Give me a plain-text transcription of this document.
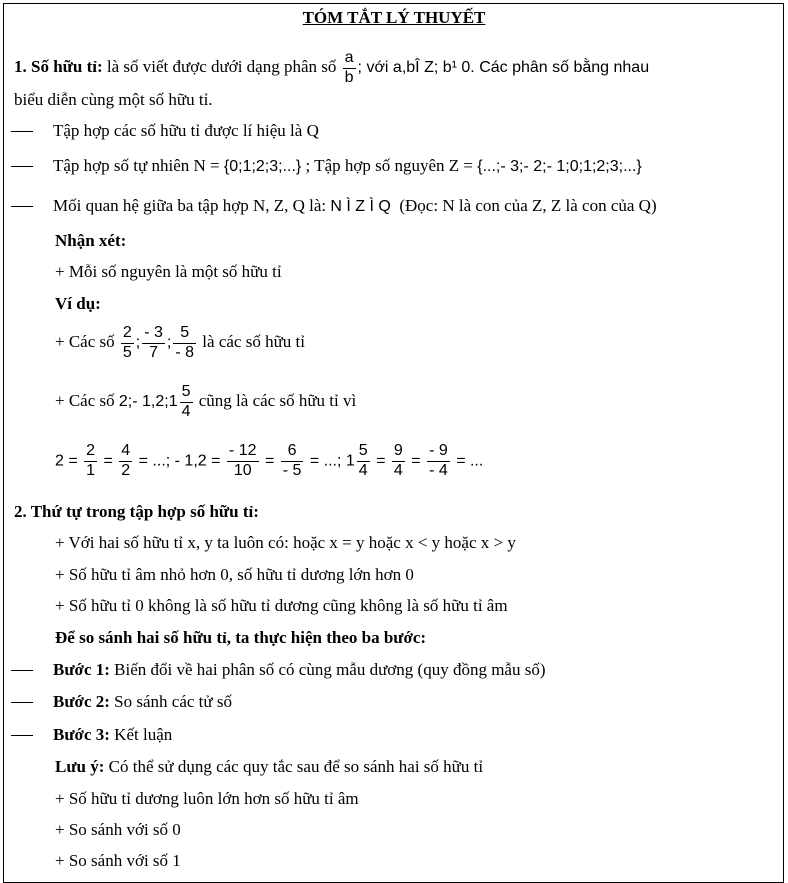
TÓM TẮT LÝ THUYẾT
1. Số hữu tỉ: là số viết được dưới dạng phân số $\frac{a}{b}$ ; với a,bÎ Z; b¹ 0. Các phân số bằng nhau
biểu diễn cùng một số hữu tỉ.
Tập hợp các số hữu tỉ được lí hiệu là Q
Tập hợp số tự nhiên N = {0;1;2;3;...} ; Tập hợp số nguyên Z = {...;- 3;- 2;- 1;0;1;2;3;...}
Mối quan hệ giữa ba tập hợp N, Z, Q là: N Ì Z Ì Q (Đọc: N là con của Z, Z là con của Q)
Nhận xét:
+ Mỗi số nguyên là một số hữu tỉ
Ví dụ:
+ Các số $\frac{2}{5}$ ; $\frac{- 3}{7}$ ; $\frac{5}{- 8}$ là các số hữu tỉ
+ Các số 2;- 1,2;1 $\frac{5}{4}$ cũng là các số hữu tỉ vì
$2 = \frac{2}{1} = \frac{4}{2}$ = ...; - $1,2 = \frac{- 12}{10} = \frac{6}{- 5}$ = ...; $1 \frac{5}{4} = \frac{9}{4} = \frac{- 9}{- 4}$ = ...
2. Thứ tự trong tập hợp số hữu tỉ:
+ Với hai số hữu tỉ x, y ta luôn có: hoặc x = y hoặc x < y hoặc x > y
+ Số hữu tỉ âm nhỏ hơn 0, số hữu tỉ dương lớn hơn 0
+ Số hữu tỉ 0 không là số hữu tỉ dương cũng không là số hữu tỉ âm
Để so sánh hai số hữu tỉ, ta thực hiện theo ba bước:
Bước 1: Biến đổi về hai phân số có cùng mẫu dương (quy đồng mẫu số)
Bước 2: So sánh các tử số
Bước 3: Kết luận
Lưu ý: Có thể sử dụng các quy tắc sau để so sánh hai số hữu tỉ
+ Số hữu tỉ dương luôn lớn hơn số hữu tỉ âm
+ So sánh với số 0
+ So sánh với số 1
